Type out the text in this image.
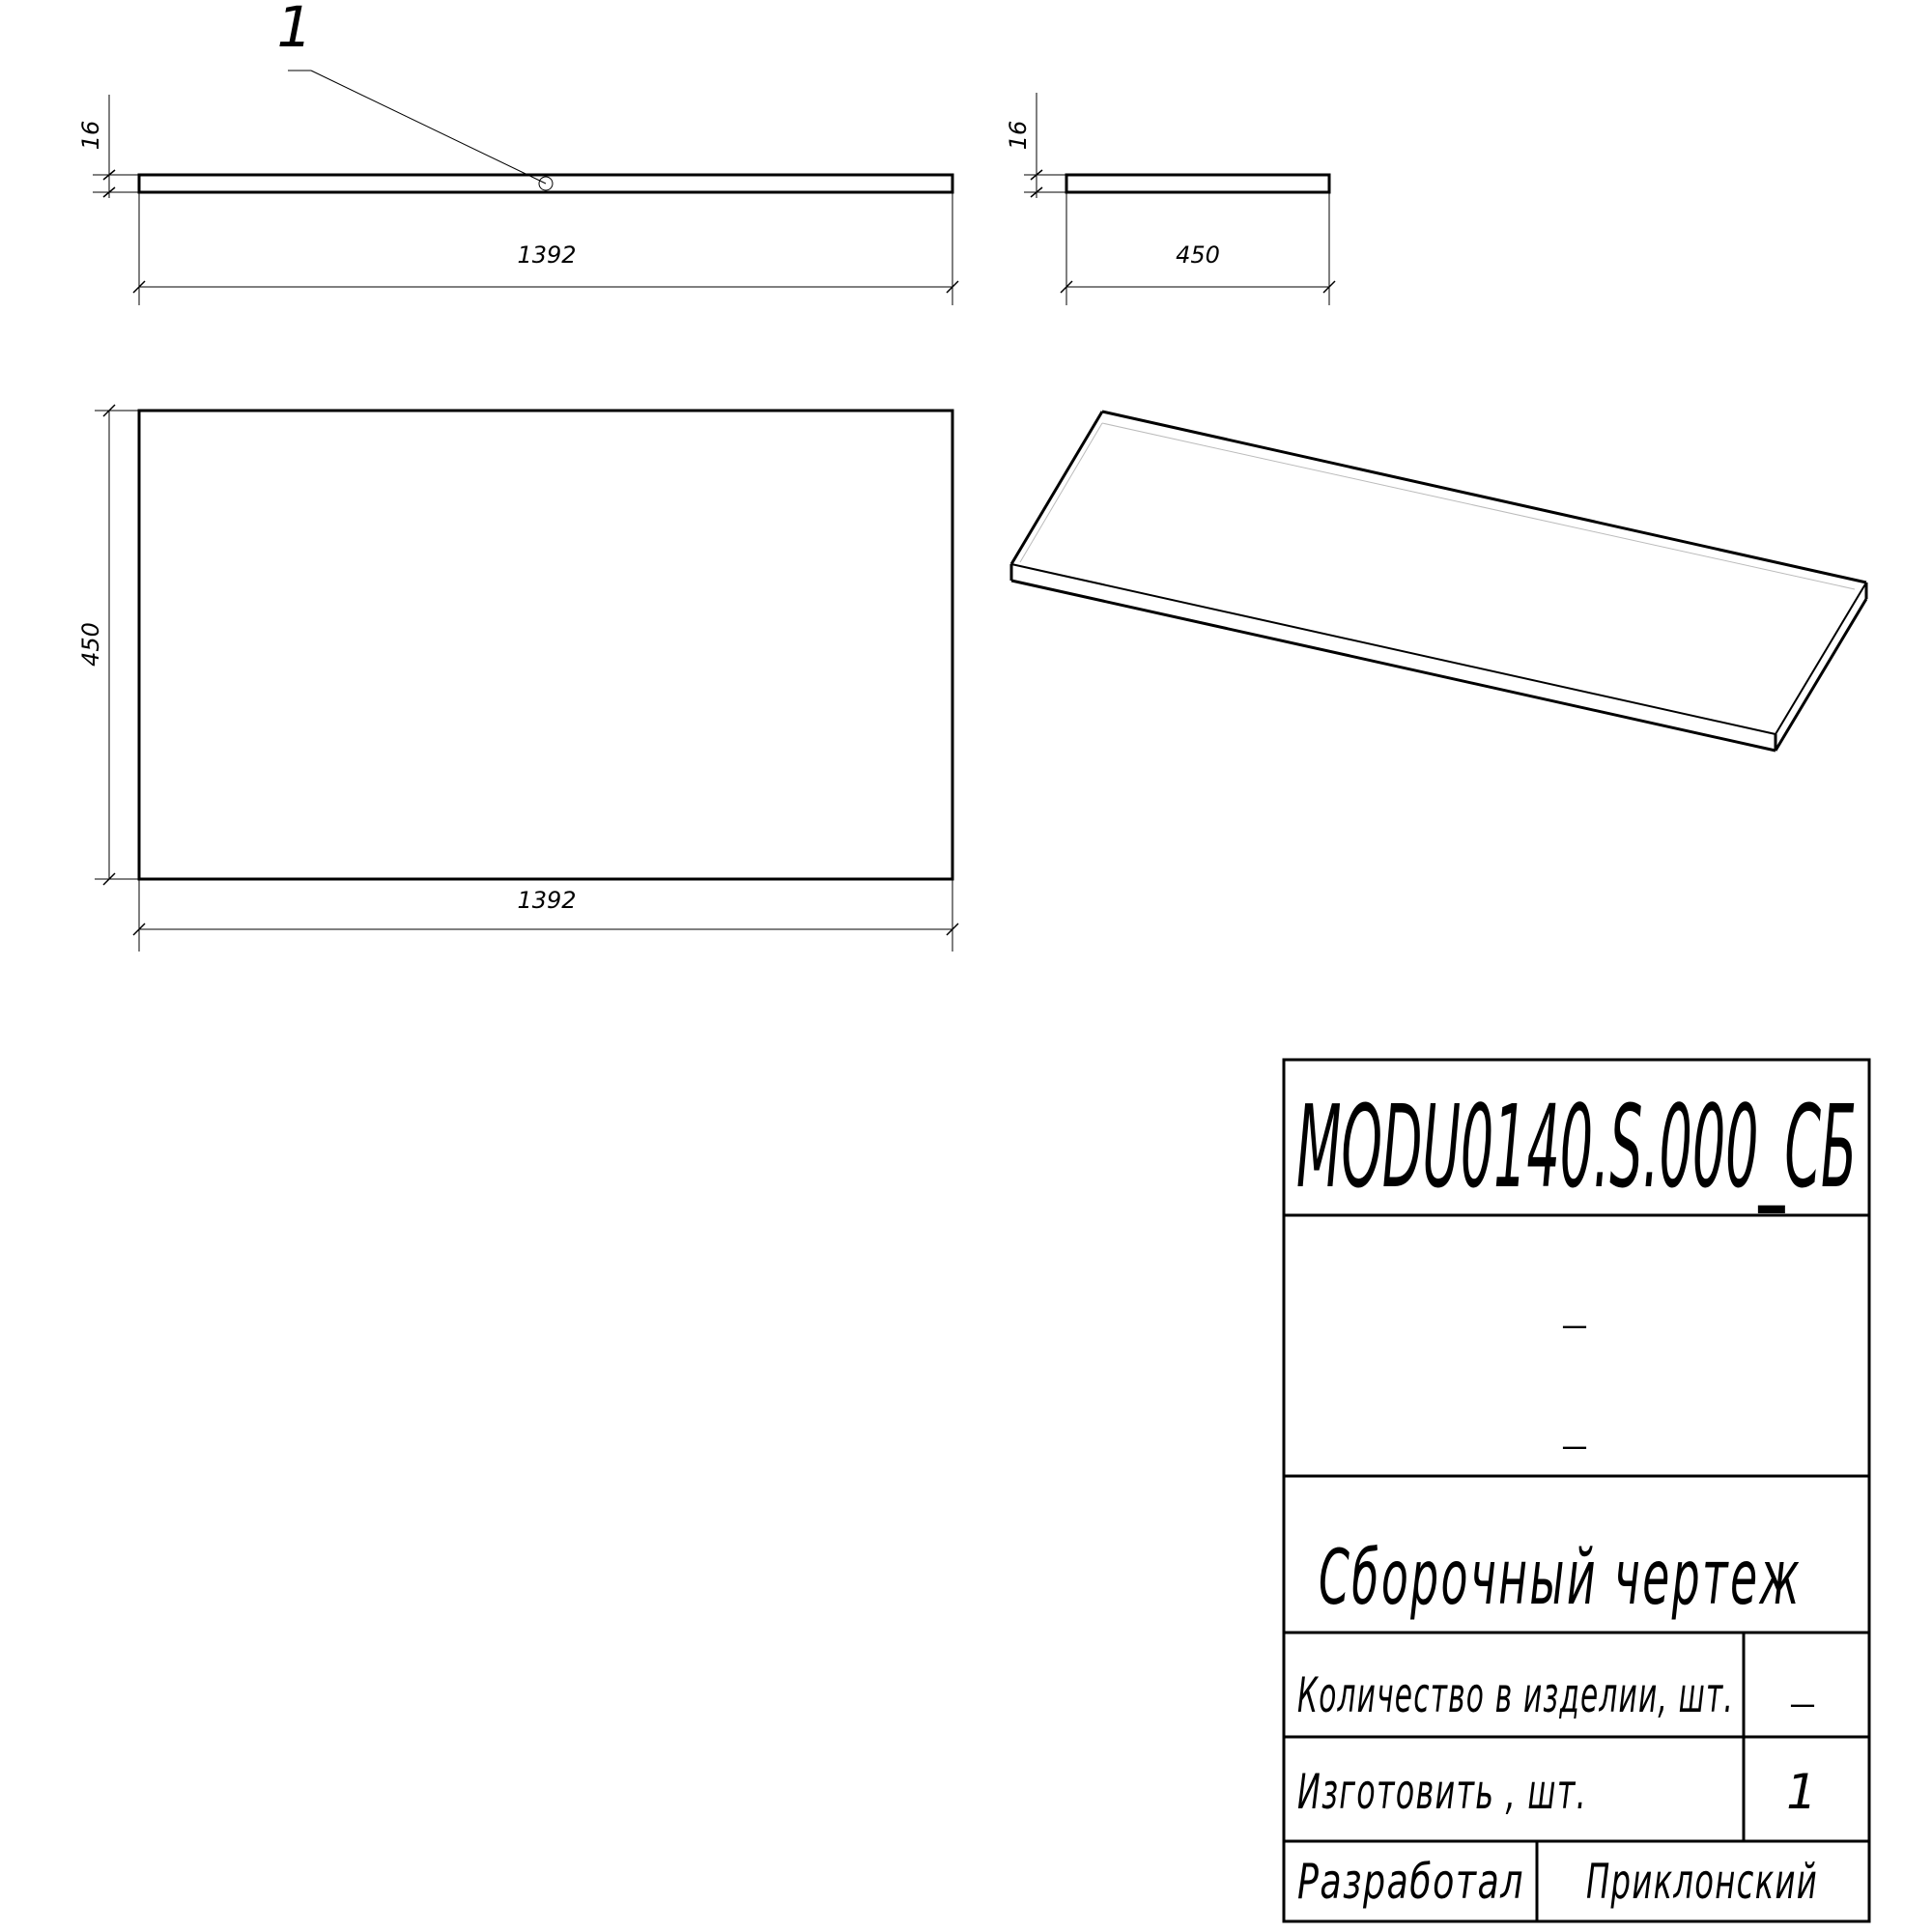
16
1392
1
16
450
450
1392
MODU0140.S.000_СБ
–
–
Сборочный чертеж
Количество в изделии, шт. –
Изготовить , шт.	1
Разработал Приклонский
